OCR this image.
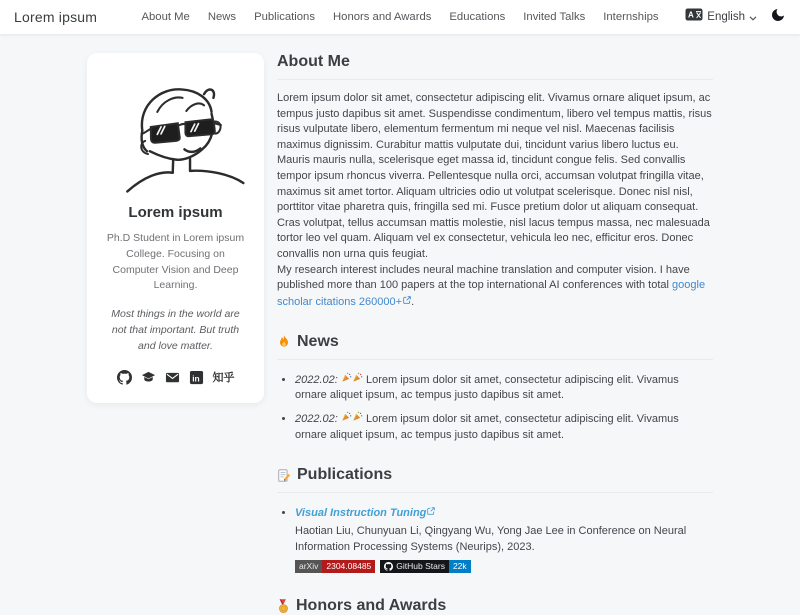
Lorem ipsum	About Me News Publications Honors and Awards Educations Invited Talks Internships	A English
Lorem ipsum
Ph.D Student in Lorem ipsum College. Focusing on Computer Vision and Deep Learning.
Most things in the world are not that important. But truth and love matter.
in 知乎
About Me
Lorem ipsum dolor sit amet, consectetur adipiscing elit. Vivamus ornare aliquet ipsum, ac tempus justo dapibus sit amet. Suspendisse condimentum, libero vel tempus mattis, risus risus vulputate libero, elementum fermentum mi neque vel nisl. Maecenas facilisis maximus dignissim. Curabitur mattis vulputate dui, tincidunt varius libero luctus eu. Mauris mauris nulla, scelerisque eget massa id, tincidunt congue felis. Sed convallis tempor ipsum rhoncus viverra. Pellentesque nulla orci, accumsan volutpat fringilla vitae, maximus sit amet tortor. Aliquam ultricies odio ut volutpat scelerisque. Donec nisl nisl, porttitor vitae pharetra quis, fringilla sed mi. Fusce pretium dolor ut aliquam consequat. Cras volutpat, tellus accumsan mattis molestie, nisl lacus tempus massa, nec malesuada tortor leo vel quam. Aliquam vel ex consectetur, vehicula leo nec, efficitur eros. Donec convallis non urna quis feugiat.
My research interest includes neural machine translation and computer vision. I have published more than 100 papers at the top international AI conferences with total google scholar citations 260000+ .
News
• 2022.02:	Lorem ipsum dolor sit amet, consectetur adipiscing elit. Vivamus ornare aliquet ipsum, ac tempus justo dapibus sit amet.
• 2022.02:	Lorem ipsum dolor sit amet, consectetur adipiscing elit. Vivamus ornare aliquet ipsum, ac tempus justo dapibus sit amet.
Publications
• Visual Instruction Tuning
Haotian Liu, Chunyuan Li, Qingyang Wu, Yong Jae Lee in Conference on Neural Information Processing Systems (Neurips), 2023.
arXiv 2304.08485	GitHub Stars 22k
Honors and Awards
